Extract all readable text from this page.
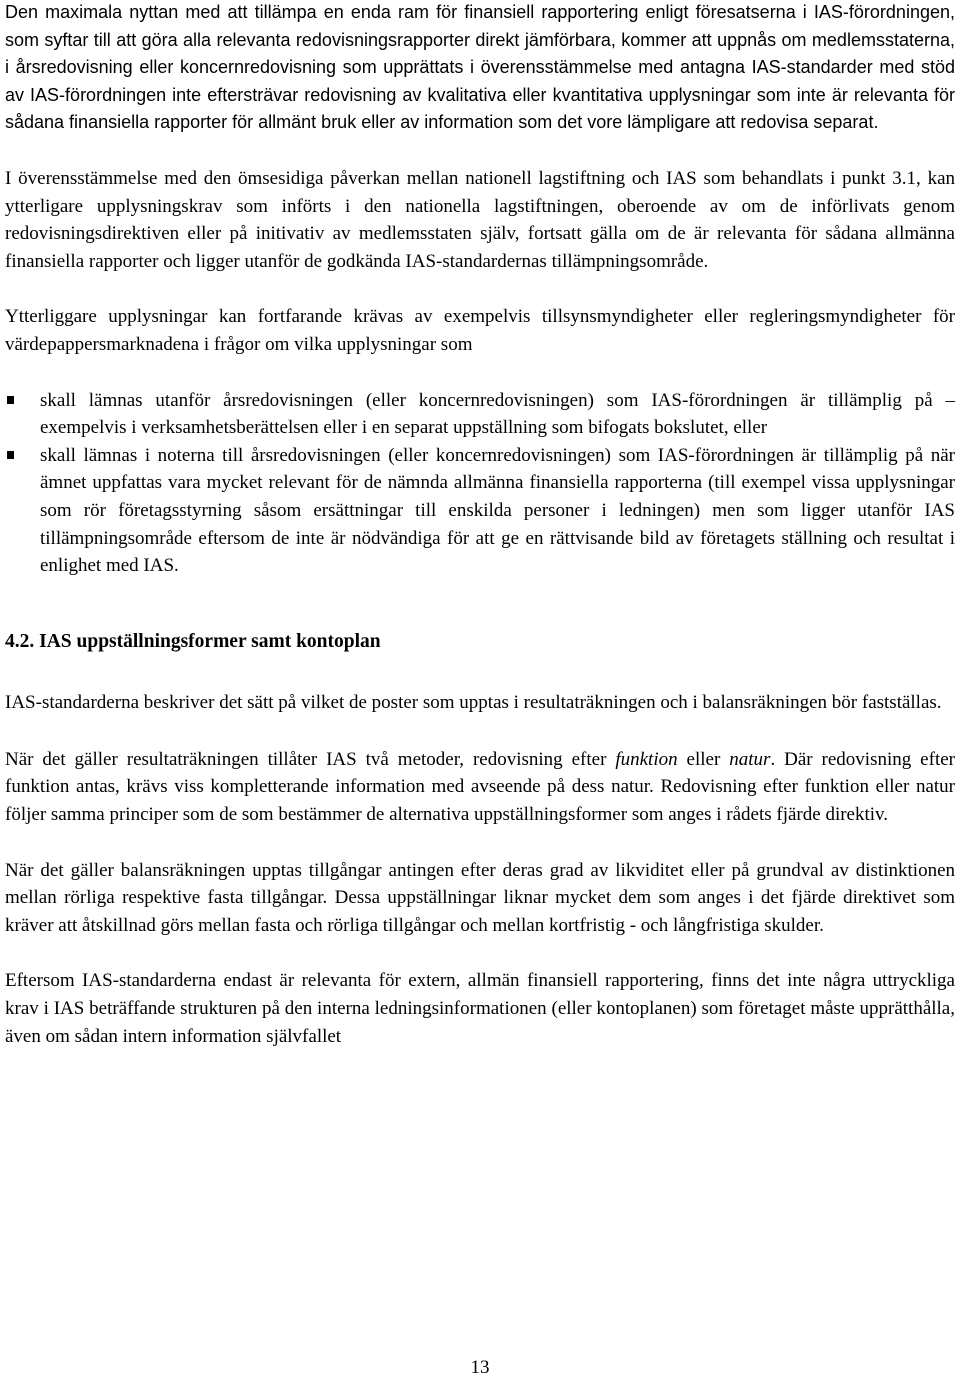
Den maximala nyttan med att tillämpa en enda ram för finansiell rapportering enligt föresatserna i IAS-förordningen, som syftar till att göra alla relevanta redovisningsrapporter direkt jämförbara, kommer att uppnås om medlemsstaterna, i årsredovisning eller koncernredovisning som upprättats i överensstämmelse med antagna IAS-standarder med stöd av IAS-förordningen inte eftersträvar redovisning av kvalitativa eller kvantitativa upplysningar som inte är relevanta för sådana finansiella rapporter för allmänt bruk eller av information som det vore lämpligare att redovisa separat.

I överensstämmelse med den ömsesidiga påverkan mellan nationell lagstiftning och IAS som behandlats i punkt 3.1, kan ytterligare upplysningskrav som införts i den nationella lagstiftningen, oberoende av om de införlivats genom redovisningsdirektiven eller på initivativ av medlemsstaten själv, fortsatt gälla om de är relevanta för sådana allmänna finansiella rapporter och ligger utanför de godkända IAS-standardernas tillämpningsområde.

Ytterliggare upplysningar kan fortfarande krävas av exempelvis tillsynsmyndigheter eller regleringsmyndigheter för värdepappersmarknadena i frågor om vilka upplysningar som

skall lämnas utanför årsredovisningen (eller koncernredovisningen) som IAS-förordningen är tillämplig på – exempelvis i verksamhetsberättelsen eller i en separat uppställning som bifogats bokslutet, eller
skall lämnas i noterna till årsredovisningen (eller koncernredovisningen) som IAS-förordningen är tillämplig på när ämnet uppfattas vara mycket relevant för de nämnda allmänna finansiella rapporterna (till exempel vissa upplysningar som rör företagsstyrning såsom ersättningar till enskilda personer i ledningen) men som ligger utanför IAS tillämpningsområde eftersom de inte är nödvändiga för att ge en rättvisande bild av företagets ställning och resultat i enlighet med IAS.
4.2. IAS uppställningsformer samt kontoplan

IAS-standarderna beskriver det sätt på vilket de poster som upptas i resultaträkningen och i balansräkningen bör fastställas.

När det gäller resultaträkningen tillåter IAS två metoder, redovisning efter funktion eller natur. Där redovisning efter funktion antas, krävs viss kompletterande information med avseende på dess natur. Redovisning efter funktion eller natur följer samma principer som de som bestämmer de alternativa uppställningsformer som anges i rådets fjärde direktiv.

När det gäller balansräkningen upptas tillgångar antingen efter deras grad av likviditet eller på grundval av distinktionen mellan rörliga respektive fasta tillgångar. Dessa uppställningar liknar mycket dem som anges i det fjärde direktivet som kräver att åtskillnad görs mellan fasta och rörliga tillgångar och mellan kortfristig - och långfristiga skulder.

Eftersom IAS-standarderna endast är relevanta för extern, allmän finansiell rapportering, finns det inte några uttryckliga krav i IAS beträffande strukturen på den interna ledningsinformationen (eller kontoplanen) som företaget måste upprätthålla, även om sådan intern information självfallet

13
